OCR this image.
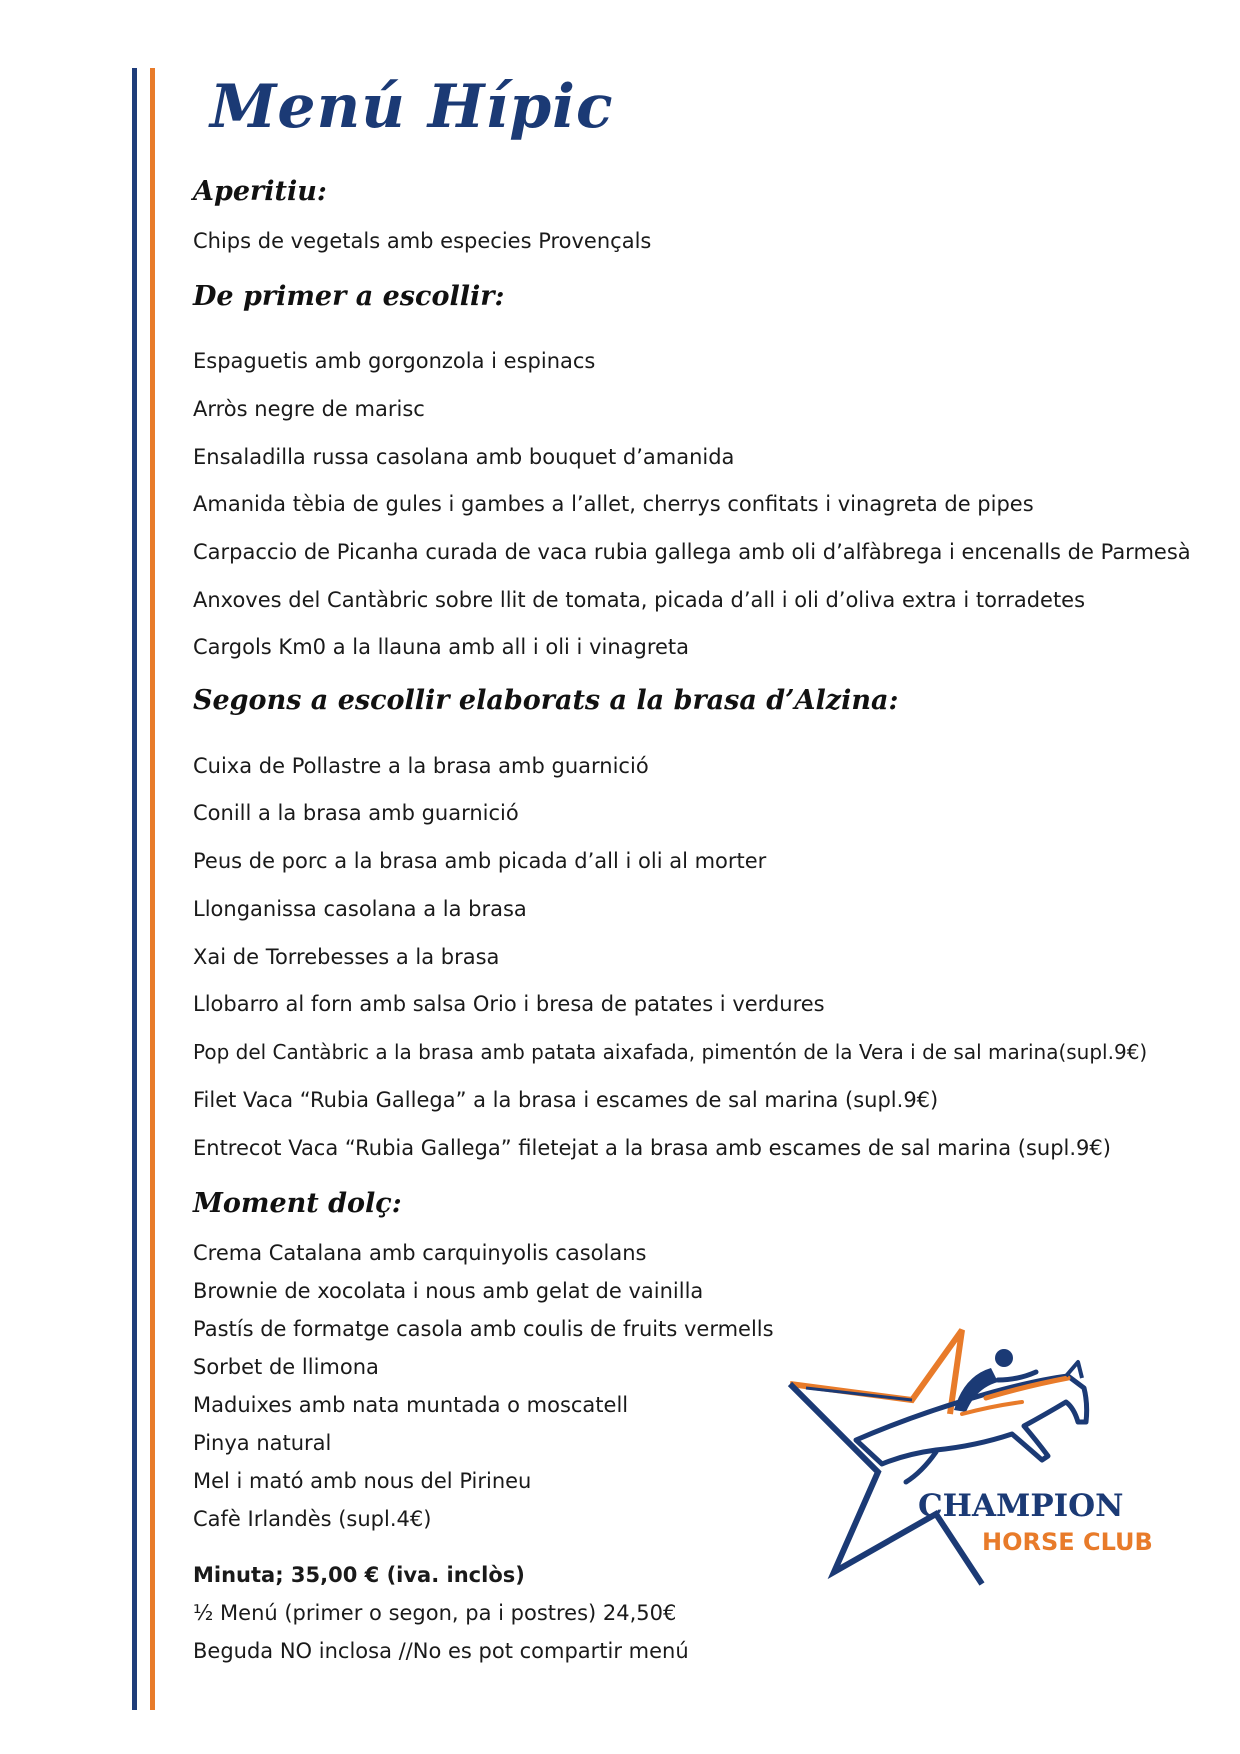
Menú Hípic
Aperitiu:

Chips de vegetals amb especies Provençals

De primer a escollir:

Espaguetis amb gorgonzola i espinacs

Arròs negre de marisc

Ensaladilla russa casolana amb bouquet d’amanida

Amanida tèbia de gules i gambes a l’allet, cherrys confitats i vinagreta de pipes

Carpaccio de Picanha curada de vaca rubia gallega amb oli d’alfàbrega i encenalls de Parmesà

Anxoves del Cantàbric sobre llit de tomata, picada d’all i oli d’oliva extra i torradetes

Cargols Km0 a la llauna amb all i oli i vinagreta

Segons a escollir elaborats a la brasa d’Alzina:

Cuixa de Pollastre a la brasa amb guarnició

Conill a la brasa amb guarnició

Peus de porc a la brasa amb picada d’all i oli al morter

Llonganissa casolana a la brasa

Xai de Torrebesses a la brasa

Llobarro al forn amb salsa Orio i bresa de patates i verdures

Pop del Cantàbric a la brasa amb patata aixafada, pimentón de la Vera i de sal marina(supl.9€)

Filet Vaca “Rubia Gallega” a la brasa i escames de sal marina (supl.9€)

Entrecot Vaca “Rubia Gallega” filetejat a la brasa amb escames de sal marina (supl.9€)

Moment dolç:

Crema Catalana amb carquinyolis casolans

Brownie de xocolata i nous amb gelat de vainilla

Pastís de formatge casola amb coulis de fruits vermells

Sorbet de llimona

Maduixes amb nata muntada o moscatell

Pinya natural

Mel i mató amb nous del Pirineu

Cafè Irlandès (supl.4€)

Minuta; 35,00 € (iva. inclòs)

½ Menú (primer o segon, pa i postres) 24,50€

Beguda NO inclosa //No es pot compartir menú

CHAMPION

HORSE CLUB
